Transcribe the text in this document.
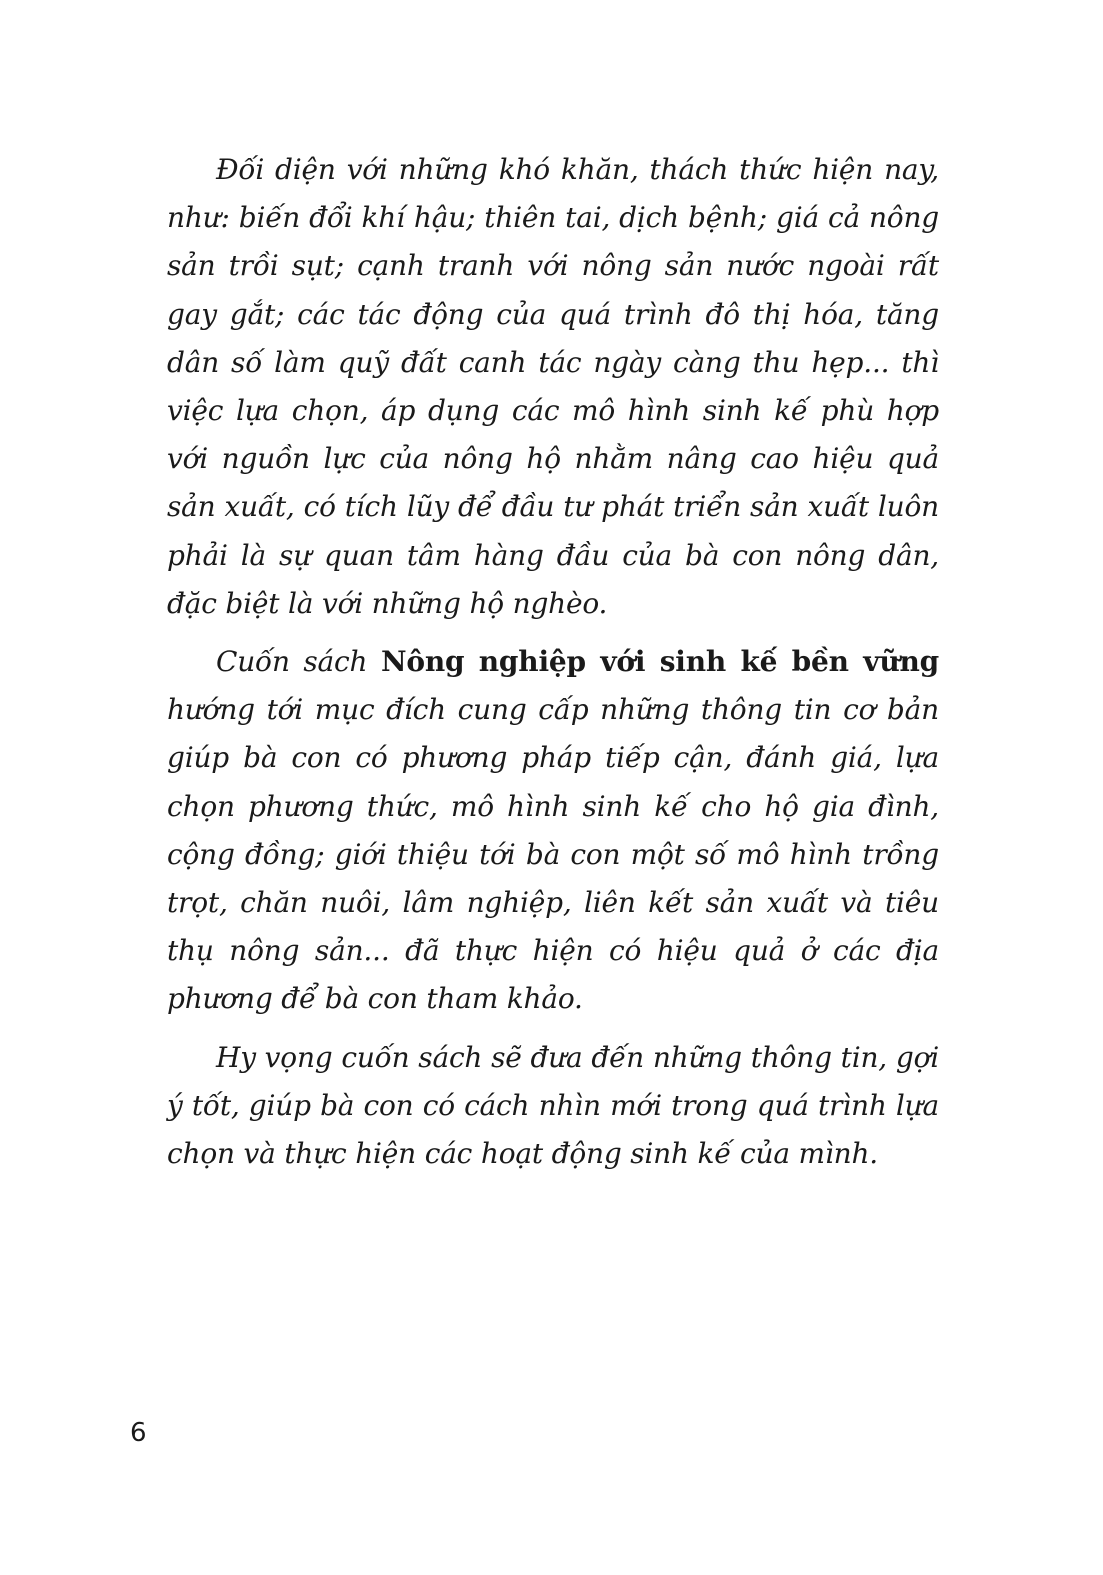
Đối diện với những khó khăn, thách thức hiện nay, như: biến đổi khí hậu; thiên tai, dịch bệnh; giá cả nông sản trồi sụt; cạnh tranh với nông sản nước ngoài rất gay gắt; các tác động của quá trình đô thị hóa, tăng dân số làm quỹ đất canh tác ngày càng thu hẹp... thì việc lựa chọn, áp dụng các mô hình sinh kế phù hợp với nguồn lực của nông hộ nhằm nâng cao hiệu quả sản xuất, có tích lũy để đầu tư phát triển sản xuất luôn phải là sự quan tâm hàng đầu của bà con nông dân, đặc biệt là với những hộ nghèo.

Cuốn sách Nông nghiệp với sinh kế bền vững hướng tới mục đích cung cấp những thông tin cơ bản giúp bà con có phương pháp tiếp cận, đánh giá, lựa chọn phương thức, mô hình sinh kế cho hộ gia đình, cộng đồng; giới thiệu tới bà con một số mô hình trồng trọt, chăn nuôi, lâm nghiệp, liên kết sản xuất và tiêu thụ nông sản... đã thực hiện có hiệu quả ở các địa phương để bà con tham khảo.

Hy vọng cuốn sách sẽ đưa đến những thông tin, gợi ý tốt, giúp bà con có cách nhìn mới trong quá trình lựa chọn và thực hiện các hoạt động sinh kế của mình.

6
